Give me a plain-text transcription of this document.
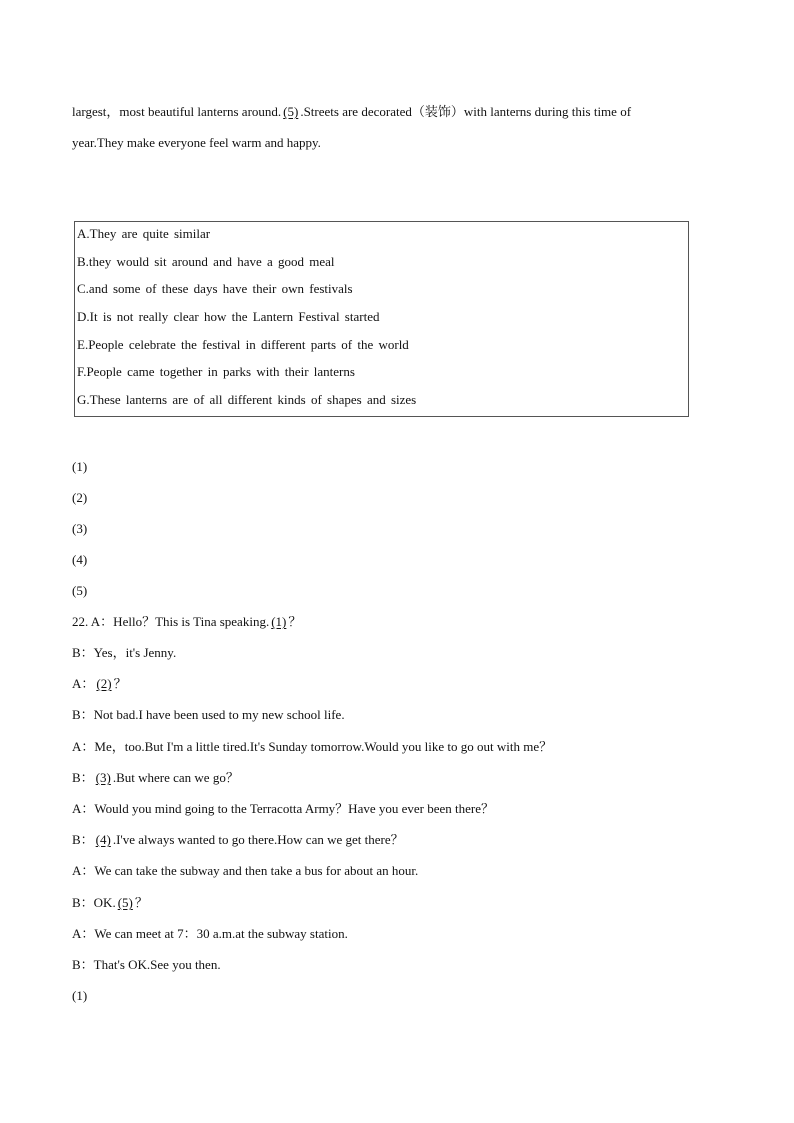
largest，most beautiful lanterns around. (5) .Streets are decorated（装饰）with lanterns during this time of
year.They make everyone feel warm and happy.
A.They are quite similar
B.they would sit around and have a good meal
C.and some of these days have their own festivals
D.It is not really clear how the Lantern Festival started
E.People celebrate the festival in different parts of the world
F.People came together in parks with their lanterns
G.These lanterns are of all different kinds of shapes and sizes
(1)
(2)
(3)
(4)
(5)
22. A：Hello？This is Tina speaking. (1) ？
B：Yes，it's Jenny.
A： (2) ？
B：Not bad.I have been used to my new school life.
A：Me，too.But I'm a little tired.It's Sunday tomorrow.Would you like to go out with me？
B： (3) .But where can we go？
A：Would you mind going to the Terracotta Army？Have you ever been there？
B： (4) .I've always wanted to go there.How can we get there？
A：We can take the subway and then take a bus for about an hour.
B：OK. (5) ？
A：We can meet at 7：30 a.m.at the subway station.
B：That's OK.See you then.
(1)
